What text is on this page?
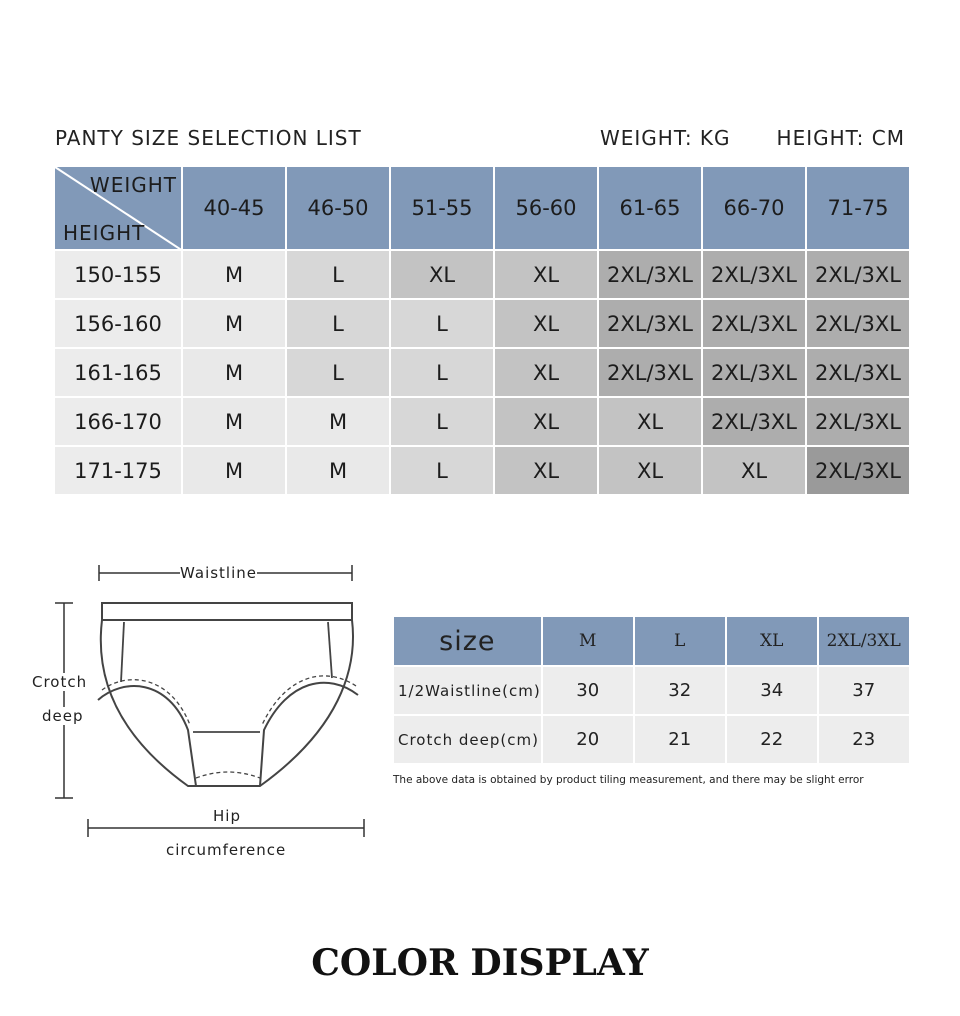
PANTY SIZE SELECTION LIST	WEIGHT: KG HEIGHT: CM
WEIGHT
HEIGHT	40-45	46-50	51-55	56-60	61-65	66-70	71-75
150-155	M	L	XL	XL	2XL/3XL	2XL/3XL	2XL/3XL
156-160	M	L	L	XL	2XL/3XL	2XL/3XL	2XL/3XL
161-165	M	L	L	XL	2XL/3XL	2XL/3XL	2XL/3XL
166-170	M	M	L	XL	XL	2XL/3XL	2XL/3XL
171-175	M	M	L	XL	XL	XL	2XL/3XL
Waistline
Crotch
deep
Hip
circumference
size	M	L	XL	2XL/3XL
1/2Waistline(cm)	30	32	34	37
Crotch deep(cm)	20	21	22	23
The above data is obtained by product tiling measurement, and there may be slight error
COLOR DISPLAY
